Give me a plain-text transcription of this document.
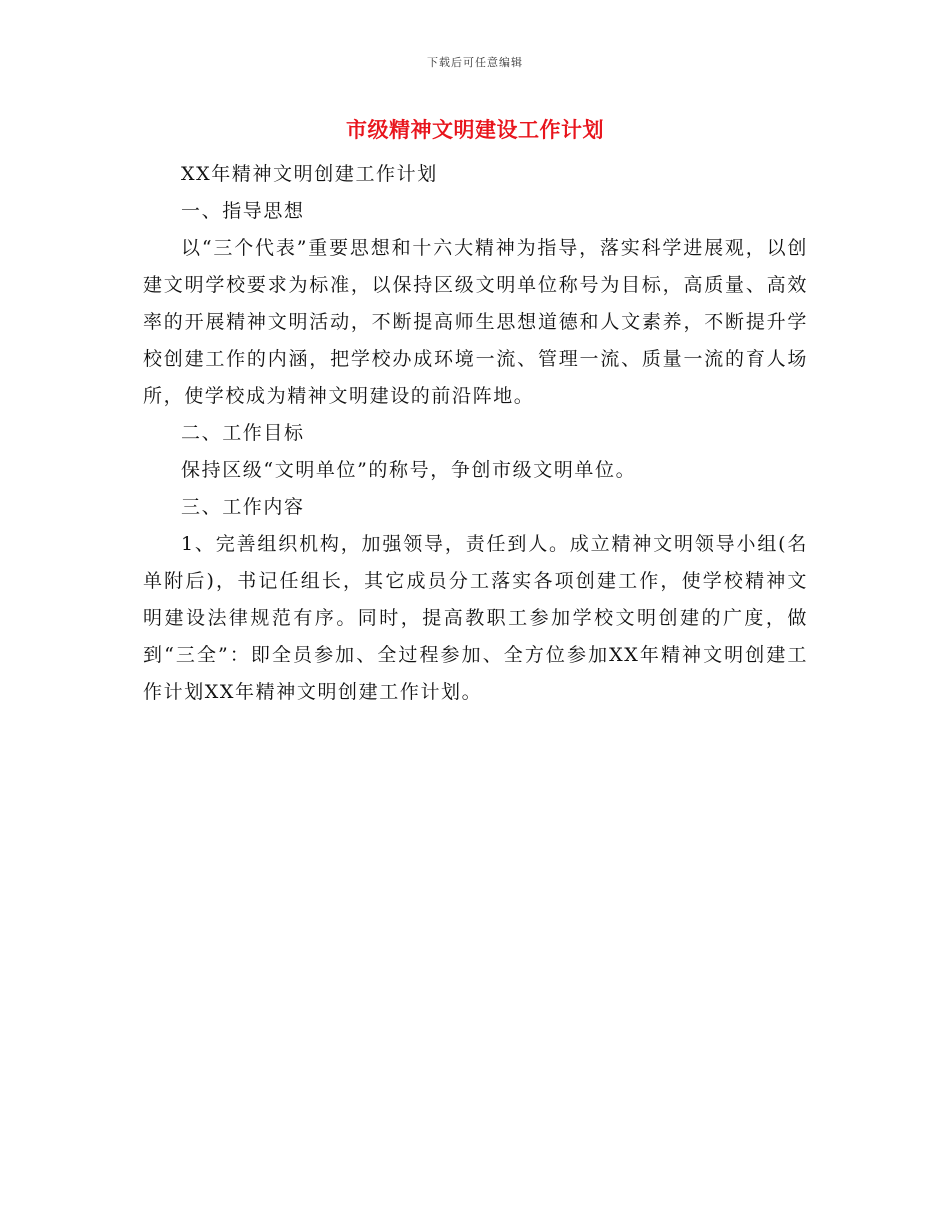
下载后可任意编辑
市级精神文明建设工作计划

XX年精神文明创建工作计划

一、指导思想

以“三个代表”重要思想和十六大精神为指导，落实科学进展观，以创建文明学校要求为标准，以保持区级文明单位称号为目标，高质量、高效率的开展精神文明活动，不断提高师生思想道德和人文素养，不断提升学校创建工作的内涵，把学校办成环境一流、管理一流、质量一流的育人场所，使学校成为精神文明建设的前沿阵地。

二、工作目标

保持区级“文明单位”的称号，争创市级文明单位。

三、工作内容

1、完善组织机构，加强领导，责任到人。成立精神文明领导小组(名单附后)，书记任组长，其它成员分工落实各项创建工作，使学校精神文明建设法律规范有序。同时，提高教职工参加学校文明创建的广度，做到“三全”：即全员参加、全过程参加、全方位参加XX年精神文明创建工作计划XX年精神文明创建工作计划。
